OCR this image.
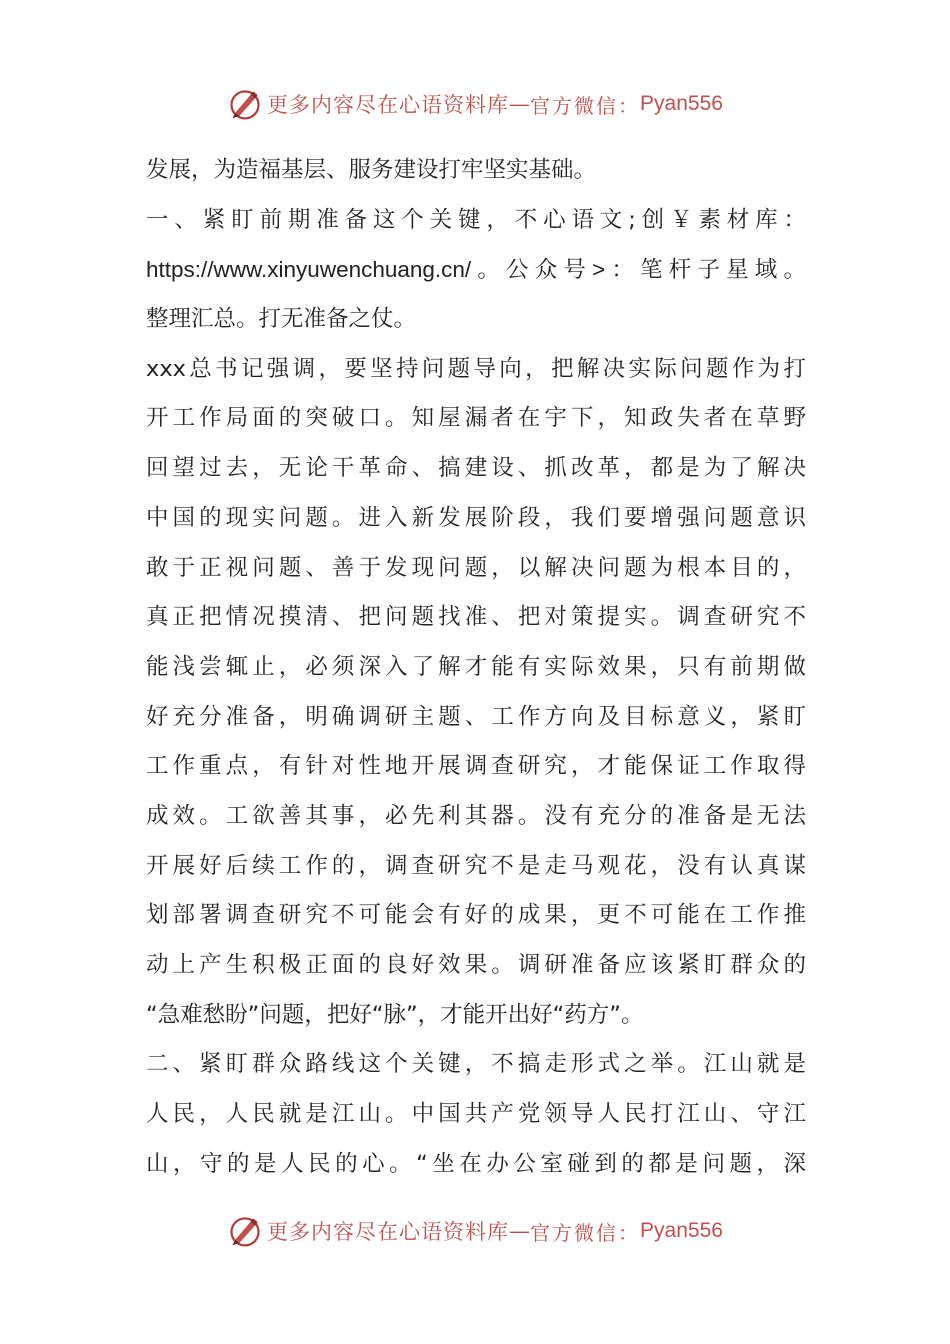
更多内容尽在心语资料库 — 官方微信： Pyan556
发展，为造福基层、服务建设打牢坚实基础。
一、紧盯前期准备这个关键，不心语文;创￥素材库：
https://www.xinyuwenchuang.cn/。公众号>：笔杆子星域。
整理汇总。打无准备之仗。
xxx总书记强调，要坚持问题导向，把解决实际问题作为打
开工作局面的突破口。知屋漏者在宇下，知政失者在草野
回望过去，无论干革命、搞建设、抓改革，都是为了解决
中国的现实问题。进入新发展阶段，我们要增强问题意识
敢于正视问题、善于发现问题，以解决问题为根本目的，
真正把情况摸清、把问题找准、把对策提实。调查研究不
能浅尝辄止，必须深入了解才能有实际效果，只有前期做
好充分准备，明确调研主题、工作方向及目标意义，紧盯
工作重点，有针对性地开展调查研究，才能保证工作取得
成效。工欲善其事，必先利其器。没有充分的准备是无法
开展好后续工作的，调查研究不是走马观花，没有认真谋
划部署调查研究不可能会有好的成果，更不可能在工作推
动上产生积极正面的良好效果。调研准备应该紧盯群众的
“急难愁盼”问题，把好“脉”，才能开出好“药方”。
二、紧盯群众路线这个关键，不搞走形式之举。江山就是
人民，人民就是江山。中国共产党领导人民打江山、守江
山，守的是人民的心。“坐在办公室碰到的都是问题，深
更多内容尽在心语资料库 — 官方微信： Pyan556
